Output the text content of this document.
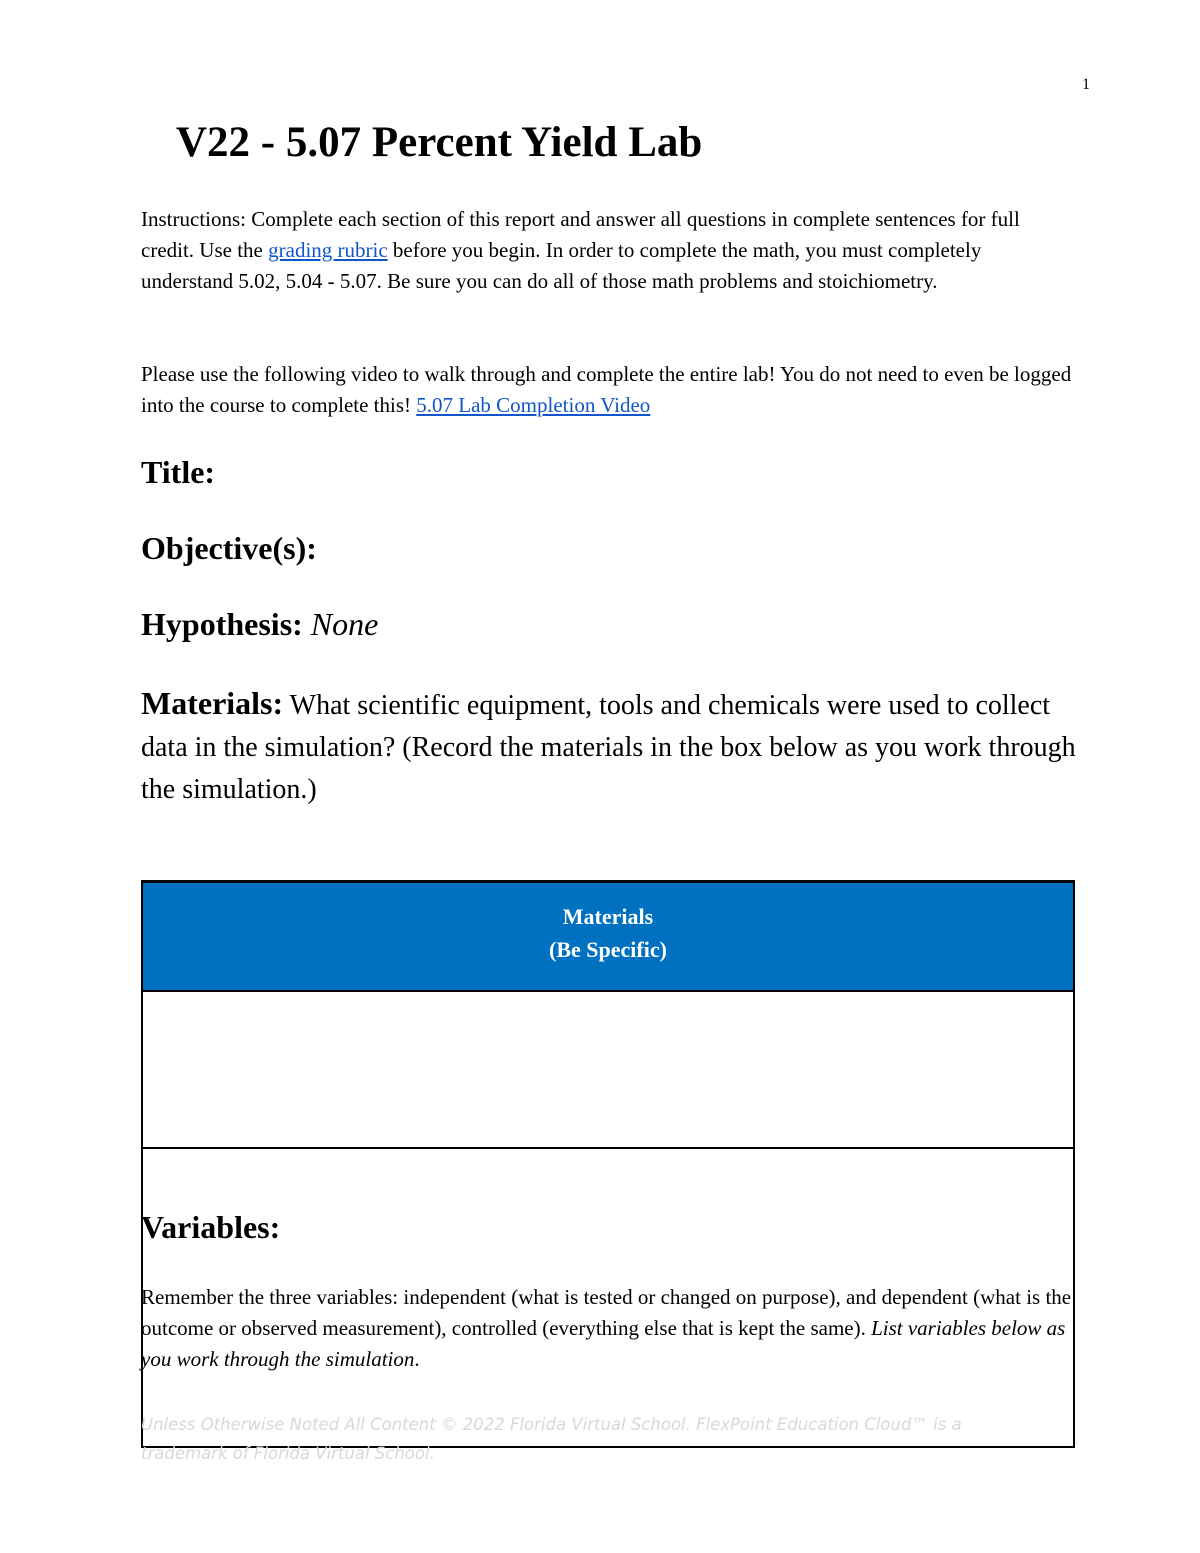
1
V22 - 5.07 Percent Yield Lab

Instructions: Complete each section of this report and answer all questions in complete sentences for full credit. Use the grading rubric before you begin. In order to complete the math, you must completely understand 5.02, 5.04 - 5.07. Be sure you can do all of those math problems and stoichiometry.

Please use the following video to walk through and complete the entire lab! You do not need to even be logged into the course to complete this! 5.07 Lab Completion Video

Title:
Objective(s):
Hypothesis: None

Materials: What scientific equipment, tools and chemicals were used to collect data in the simulation? (Record the materials in the box below as you work through the simulation.)

Materials
(Be Specific)
Variables:

Remember the three variables: independent (what is tested or changed on purpose), and dependent (what is the outcome or observed measurement), controlled (everything else that is kept the same). List variables below as you work through the simulation.

Unless Otherwise Noted All Content © 2022 Florida Virtual School. FlexPoint Education Cloud™ is a trademark of Florida Virtual School.
